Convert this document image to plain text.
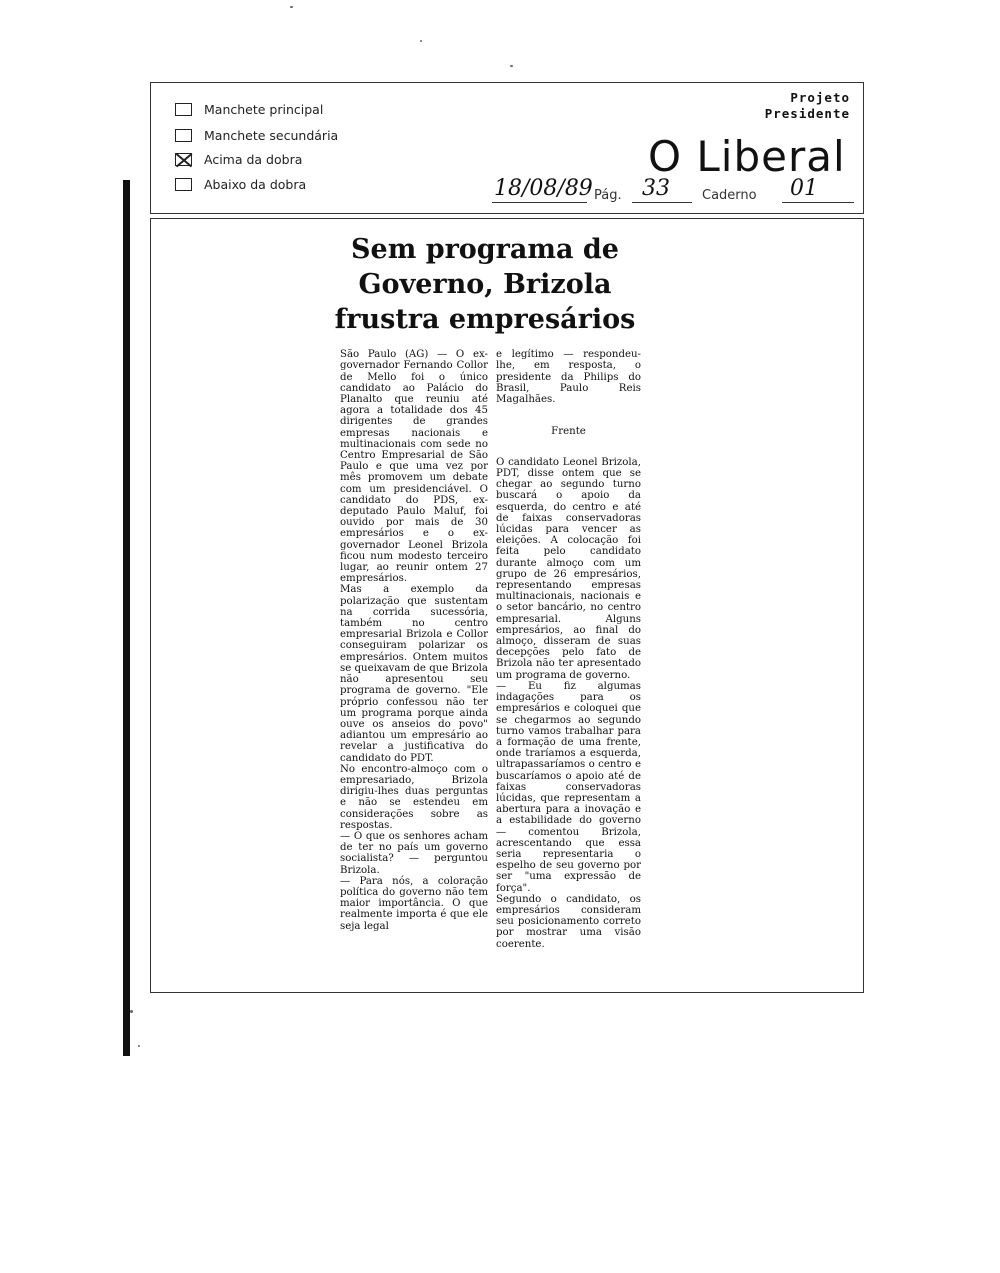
Manchete principal
Manchete secundária
Acima da dobra
Abaixo da dobra
Projeto
Presidente
O Liberal
18/08/89 Pág. 33 Caderno 01
Sem programa de Governo, Brizola frustra empresários

São Paulo (AG) — O ex-governador Fernando Collor de Mello foi o único candidato ao Palácio do Planalto que reuniu até agora a totalidade dos 45 dirigentes de grandes empresas nacionais e multinacionais com sede no Centro Empresarial de São Paulo e que uma vez por mês promovem um debate com um presidenciável. O candidato do PDS, ex-deputado Paulo Maluf, foi ouvido por mais de 30 empresários e o ex-governador Leonel Brizola ficou num modesto terceiro lugar, ao reunir ontem 27 empresários.
Mas a exemplo da polarização que sustentam na corrida sucessória, também no centro empresarial Brizola e Collor conseguiram polarizar os empresários. Ontem muitos se queixavam de que Brizola não apresentou seu programa de governo. "Ele próprio confessou não ter um programa porque ainda ouve os anseios do povo" adiantou um empresário ao revelar a justificativa do candidato do PDT.
No encontro-almoço com o empresariado, Brizola dirigiu-lhes duas perguntas e não se estendeu em considerações sobre as respostas.
— O que os senhores acham de ter no país um governo socialista? — perguntou Brizola.
— Para nós, a coloração política do governo não tem maior importância. O que realmente importa é que ele seja legal

e legítimo — respondeu-lhe, em resposta, o presidente da Philips do Brasil, Paulo Reis Magalhães.

Frente

O candidato Leonel Brizola, PDT, disse ontem que se chegar ao segundo turno buscará o apoio da esquerda, do centro e até de faixas conservadoras lúcidas para vencer as eleições. A colocação foi feita pelo candidato durante almoço com um grupo de 26 empresários, representando empresas multinacionais, nacionais e o setor bancário, no centro empresarial. Alguns empresários, ao final do almoço, disseram de suas decepções pelo fato de Brizola não ter apresentado um programa de governo.
— Eu fiz algumas indagações para os empresários e coloquei que se chegarmos ao segundo turno vamos trabalhar para a formação de uma frente, onde traríamos a esquerda, ultrapassaríamos o centro e buscaríamos o apoio até de faixas conservadoras lúcidas, que representam a abertura para a inovação e a estabilidade do governo — comentou Brizola, acrescentando que essa seria representaria o espelho de seu governo por ser "uma expressão de força".
Segundo o candidato, os empresários consideram seu posicionamento correto por mostrar uma visão coerente.
